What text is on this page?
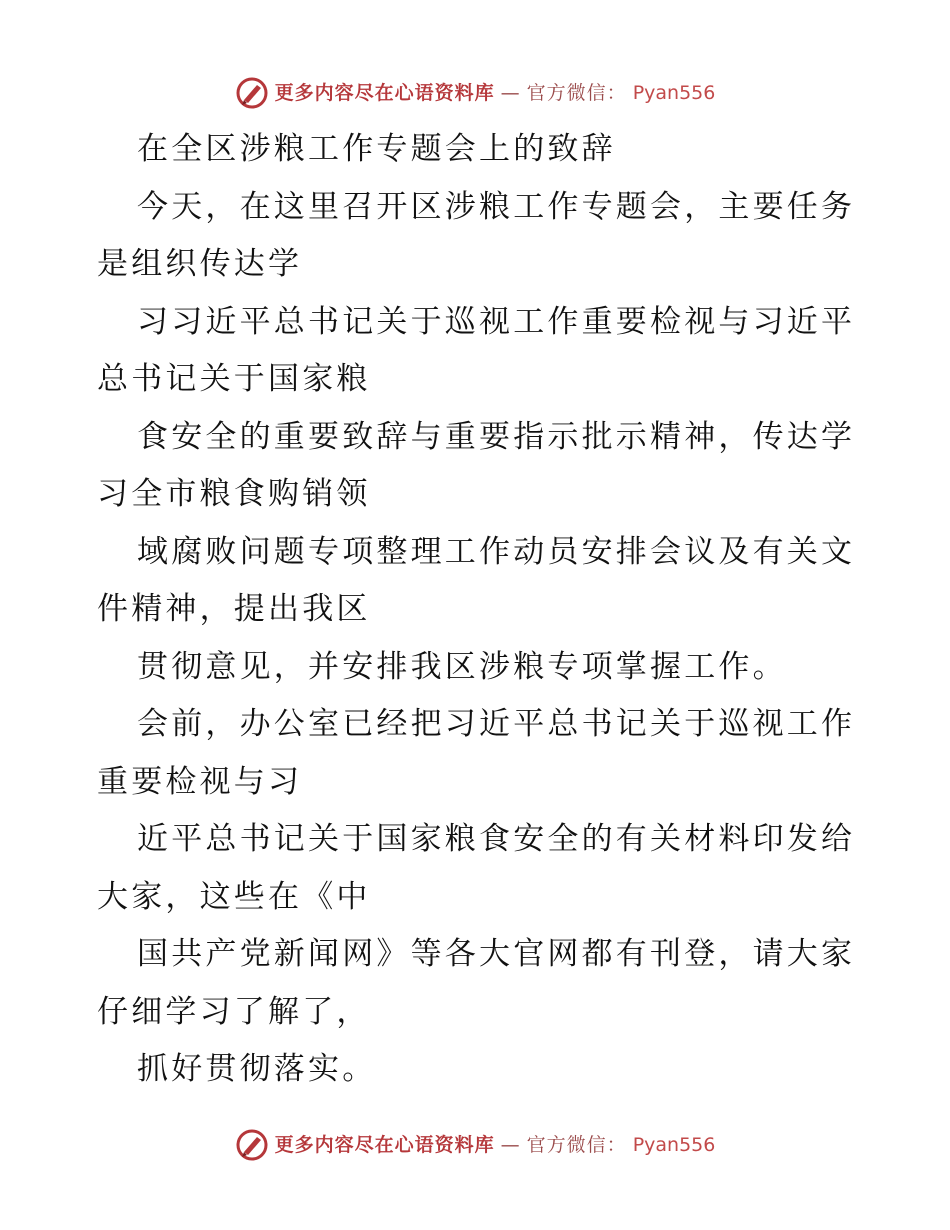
更多内容尽在心语资料库 — 官方微信： Pyan556

在全区涉粮工作专题会上的致辞

今天，在这里召开区涉粮工作专题会，主要任务是组织传达学

习习近平总书记关于巡视工作重要检视与习近平总书记关于国家粮

食安全的重要致辞与重要指示批示精神，传达学习全市粮食购销领

域腐败问题专项整理工作动员安排会议及有关文件精神，提出我区

贯彻意见，并安排我区涉粮专项掌握工作。

会前，办公室已经把习近平总书记关于巡视工作重要检视与习

近平总书记关于国家粮食安全的有关材料印发给大家，这些在《中

国共产党新闻网》等各大官网都有刊登，请大家仔细学习了解了，

抓好贯彻落实。

更多内容尽在心语资料库 — 官方微信： Pyan556
